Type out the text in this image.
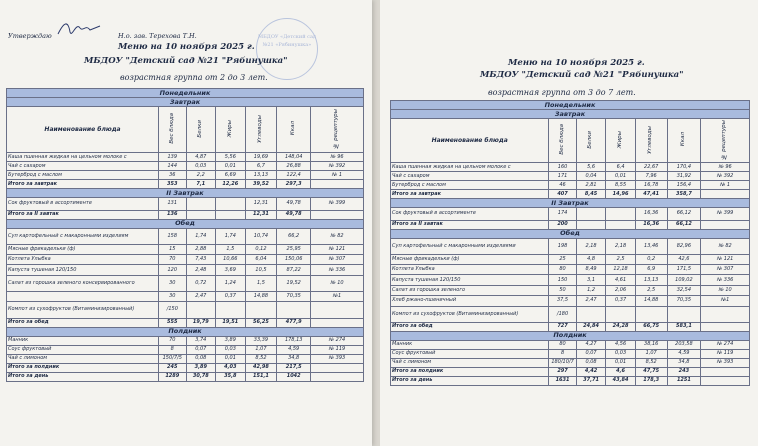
Утверждаю	Н.о. зав. Терехова Т.Н.	МБДОУ «Детский сад №21 «Рябинушка»
Меню на 10 ноября 2025 г.
МБДОУ "Детский сад №21 "Рябинушка"
возрастная группа от 2 до 3 лет.
Понедельник						
Завтрак						
Наименование блюда	Вес блюда	Белки	Жиры	Углеводы	Ккал	№ рецептуры
Каша пшенная жидкая на цельном молоке с	139	4,87	5,56	19,69	148,04	№ 96
Чай с сахаром	144	0,03	0,01	6,7	26,88	№ 392
Бутерброд с маслом	36	2,2	6,69	13,13	122,4	№ 1
Итого за завтрак	353	7,1	12,26	39,52	297,3	
II Завтрак						
Сок фруктовый в ассортименте	131			12,31	49,78	№ 399
Итого за II завтак	136			12,31	49,78	
Обед						
Суп картофельный с макаронными изделиям	158	1,74	1,74	10,74	66,2	№ 82
Мясные фрикадельки (ф)	15	2,88	1,5	0,12	25,95	№ 121
Котлета Улыбка	70	7,43	10,66	6,04	150,06	№ 307
Капуста тушеная 120/150	120	2,48	3,69	10,5	87,22	№ 336
Салат из горошка зеленого консервированного	30	0,72	1,24	1,5	19,52	№ 10
	30	2,47	0,37	14,88	70,35	№1
Компот из сухофруктов (Витаминизированный)	/150					
Итого за обед	555	19,79	19,51	56,25	477,9	
Полдник						
Манник	70	3,74	3,89	33,39	178,13	№ 274
Соус фруктовый	8	0,07	0,03	1,07	4,59	№ 119
Чай с лимоном	150/7/5	0,08	0,01	8,52	34,8	№ 393
Итого за полдник	245	3,89	4,03	42,98	217,5	
Итого за день	1289	30,78	35,8	151,1	1042	
Меню на 10 ноября 2025 г.
МБДОУ "Детский сад №21 "Рябинушка"
возрастная группа от 3 до 7 лет.
Понедельник						
Завтрак						
Наименование блюда	Вес блюда	Белки	Жиры	Углеводы	Ккал	№ рецептуры
Каша пшенная жидкая на цельном молоке с	160	5,6	6,4	22,67	170,4	№ 96
Чай с сахаром	171	0,04	0,01	7,96	31,92	№ 392
Бутерброд с маслом	46	2,81	8,55	16,78	156,4	№ 1
Итого за завтрак	407	8,45	14,96	47,41	358,7	
II Завтрак						
Сок фруктовый в ассортименте	174			16,36	66,12	№ 399
Итого за II завтак	200			16,36	66,12	
Обед						
Суп картофельный с макаронными изделиями	198	2,18	2,18	13,46	82,96	№ 82
Мясные фрикадельки (ф)	25	4,8	2,5	0,2	42,6	№ 121
Котлета Улыбка	80	8,49	12,18	6,9	171,5	№ 307
Капуста тушеная 120/150	150	3,1	4,61	13,13	109,02	№ 336
Салат из горошка зеленого	50	1,2	2,06	2,5	32,54	№ 10
Хлеб ржано-пшеничный	37,5	2,47	0,37	14,88	70,35	№1
Компот из сухофруктов (Витаминизированный)	/180					
Итого за обед	727	24,84	24,28	66,75	583,1	
Полдник						
Манник	80	4,27	4,56	38,16	203,58	№ 274
Соус фруктовый	8	0,07	0,03	1,07	4,59	№ 119
Чай с лимоном	180/10/7	0,08	0,01	8,52	34,8	№ 393
Итого за полдник	297	4,42	4,6	47,75	243	
Итого за день	1631	37,71	43,84	178,3	1251	
